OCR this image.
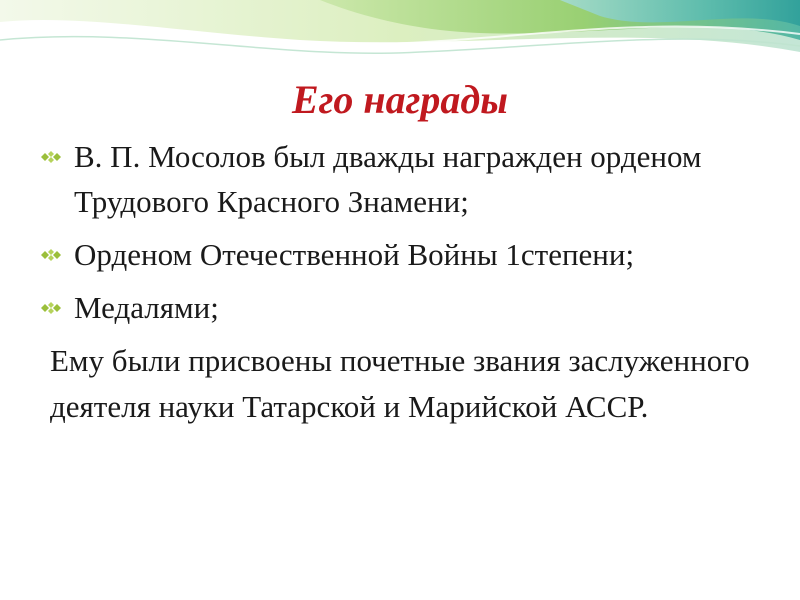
Его награды
В. П. Мосолов был дважды награжден орденом Трудового Красного Знамени;
Орденом Отечественной Войны 1степени;
Медалями;
Ему были присвоены почетные звания заслуженного деятеля науки Татарской и Марийской АССР.
